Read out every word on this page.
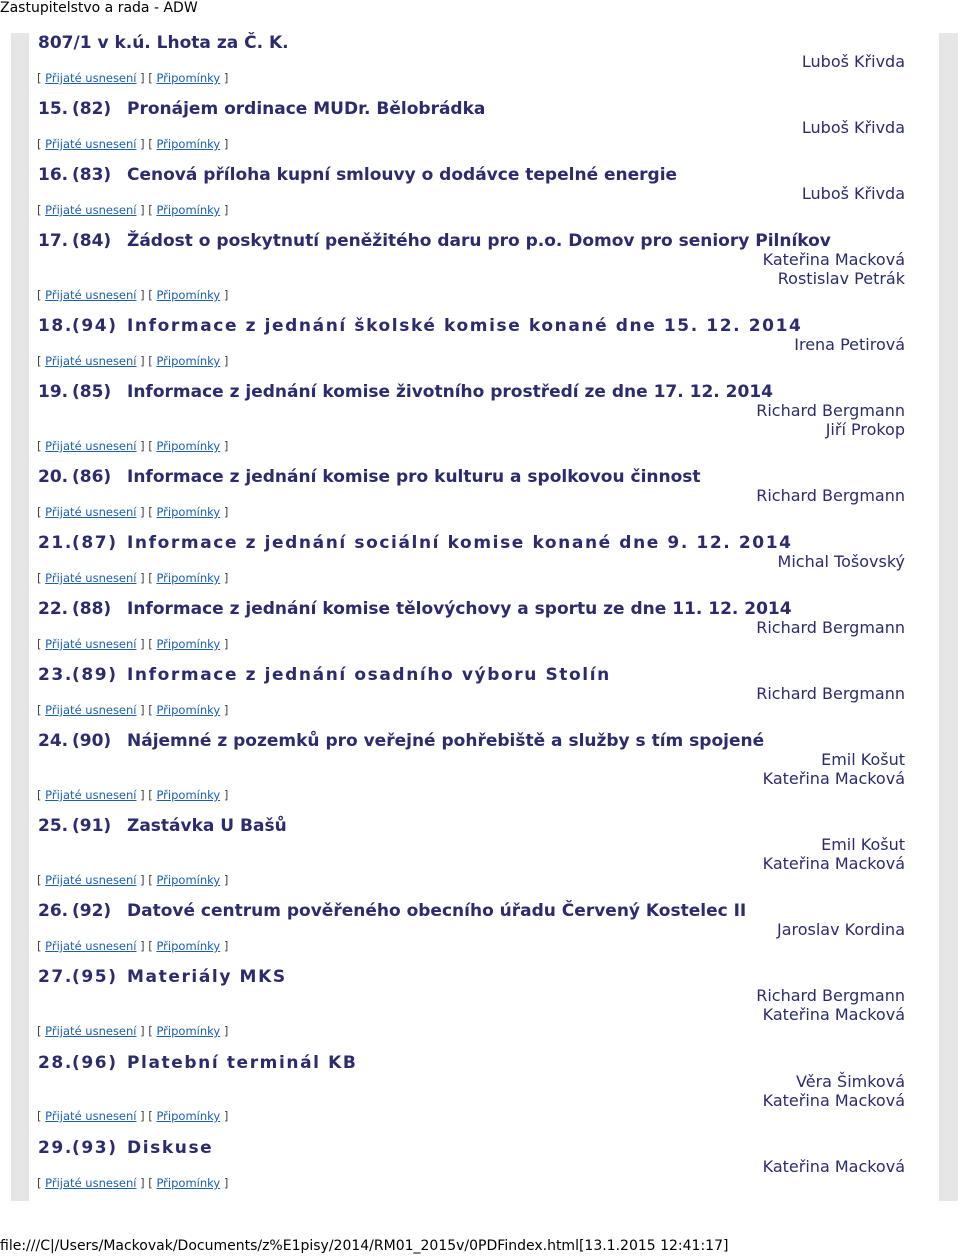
Zastupitelstvo a rada - ADW
807/1 v k.ú. Lhota za Č. K.
[ Přijaté usnesení ] [ Připomínky ]
Luboš Křivda
15. (82) Pronájem ordinace MUDr. Bělobrádka
[ Přijaté usnesení ] [ Připomínky ]
Luboš Křivda
16. (83) Cenová příloha kupní smlouvy o dodávce tepelné energie
[ Přijaté usnesení ] [ Připomínky ]
Luboš Křivda
17. (84) Žádost o poskytnutí peněžitého daru pro p.o. Domov pro seniory Pilníkov
[ Přijaté usnesení ] [ Připomínky ]
Kateřina Macková
Rostislav Petrák
18.(94) Informace z jednání školské komise konané dne 15. 12. 2014
[ Přijaté usnesení ] [ Připomínky ]
Irena Petirová
19. (85) Informace z jednání komise životního prostředí ze dne 17. 12. 2014
[ Přijaté usnesení ] [ Připomínky ]
Richard Bergmann
Jiří Prokop
20. (86) Informace z jednání komise pro kulturu a spolkovou činnost
[ Přijaté usnesení ] [ Připomínky ]
Richard Bergmann
21.(87) Informace z jednání sociální komise konané dne 9. 12. 2014
[ Přijaté usnesení ] [ Připomínky ]
Michal Tošovský
22. (88) Informace z jednání komise tělovýchovy a sportu ze dne 11. 12. 2014
[ Přijaté usnesení ] [ Připomínky ]
Richard Bergmann
23.(89) Informace z jednání osadního výboru Stolín
[ Přijaté usnesení ] [ Připomínky ]
Richard Bergmann
24. (90) Nájemné z pozemků pro veřejné pohřebiště a služby s tím spojené
[ Přijaté usnesení ] [ Připomínky ]
Emil Košut
Kateřina Macková
25. (91) Zastávka U Bašů
[ Přijaté usnesení ] [ Připomínky ]
Emil Košut
Kateřina Macková
26. (92) Datové centrum pověřeného obecního úřadu Červený Kostelec II
[ Přijaté usnesení ] [ Připomínky ]
Jaroslav Kordina
27.(95) Materiály MKS
[ Přijaté usnesení ] [ Připomínky ]
Richard Bergmann
Kateřina Macková
28.(96) Platební terminál KB
[ Přijaté usnesení ] [ Připomínky ]
Věra Šimková
Kateřina Macková
29.(93) Diskuse
[ Přijaté usnesení ] [ Připomínky ]
Kateřina Macková
file:///C|/Users/Mackovak/Documents/z%E1pisy/2014/RM01_2015v/0PDFindex.html[13.1.2015 12:41:17]
